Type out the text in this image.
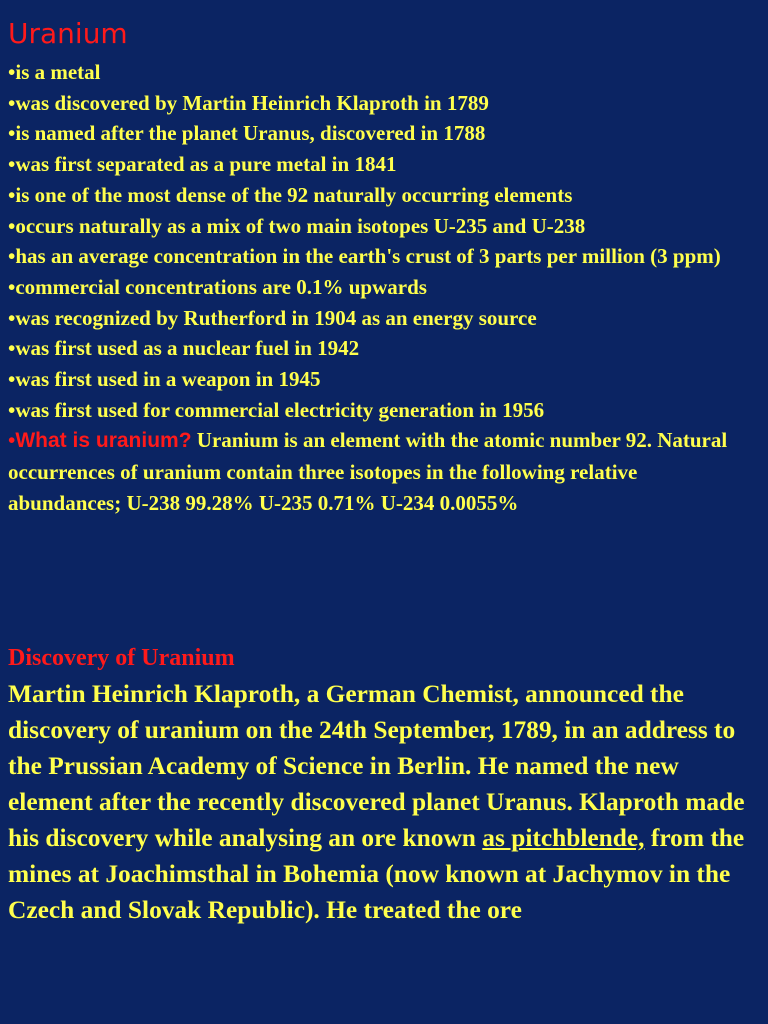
Uranium
•is a metal
•was discovered by Martin Heinrich Klaproth in 1789
•is named after the planet Uranus, discovered in 1788
•was first separated as a pure metal in 1841
•is one of the most dense of the 92 naturally occurring elements
•occurs naturally as a mix of two main isotopes U-235 and U-238
•has an average concentration in the earth's crust of 3 parts per million (3 ppm)
•commercial concentrations are 0.1% upwards
•was recognized by Rutherford in 1904 as an energy source
•was first used as a nuclear fuel in 1942
•was first used in a weapon in 1945
•was first used for commercial electricity generation in 1956
•What is uranium? Uranium is an element with the atomic number 92. Natural occurrences of uranium contain three isotopes in the following relative abundances; U-238 99.28% U-235 0.71% U-234 0.0055%
Discovery of Uranium

Martin Heinrich Klaproth, a German Chemist, announced the discovery of uranium on the 24th September, 1789, in an address to the Prussian Academy of Science in Berlin. He named the new element after the recently discovered planet Uranus. Klaproth made his discovery while analysing an ore known as pitchblende, from the mines at Joachimsthal in Bohemia (now known at Jachymov in the Czech and Slovak Republic). He treated the ore
